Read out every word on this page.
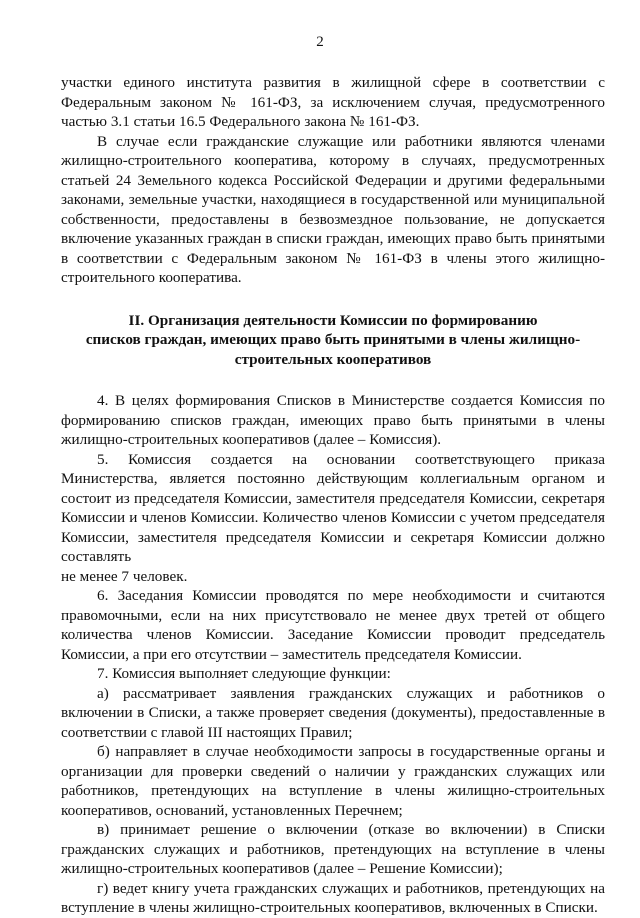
2

участки единого института развития в жилищной сфере в соответствии с Федеральным законом № 161-ФЗ, за исключением случая, предусмотренного частью 3.1 статьи 16.5 Федерального закона № 161-ФЗ.

В случае если гражданские служащие или работники являются членами жилищно-строительного кооператива, которому в случаях, предусмотренных статьей 24 Земельного кодекса Российской Федерации и другими федеральными законами, земельные участки, находящиеся в государственной или муниципальной собственности, предоставлены в безвозмездное пользование, не допускается включение указанных граждан в списки граждан, имеющих право быть принятыми в соответствии с Федеральным законом № 161-ФЗ в члены этого жилищно-строительного кооператива.

II. Организация деятельности Комиссии по формированию
списков граждан, имеющих право быть принятыми в члены жилищно-
строительных кооперативов

4. В целях формирования Списков в Министерстве создается Комиссия по формированию списков граждан, имеющих право быть принятыми в члены жилищно-строительных кооперативов (далее – Комиссия).

5. Комиссия создается на основании соответствующего приказа Министерства, является постоянно действующим коллегиальным органом и состоит из председателя Комиссии, заместителя председателя Комиссии, секретаря Комиссии и членов Комиссии. Количество членов Комиссии с учетом председателя Комиссии, заместителя председателя Комиссии и секретаря Комиссии должно составлять

не менее 7 человек.

6. Заседания Комиссии проводятся по мере необходимости и считаются правомочными, если на них присутствовало не менее двух третей от общего количества членов Комиссии. Заседание Комиссии проводит председатель Комиссии, а при его отсутствии – заместитель председателя Комиссии.

7. Комиссия выполняет следующие функции:

а) рассматривает заявления гражданских служащих и работников о включении в Списки, а также проверяет сведения (документы), предоставленные в соответствии с главой III настоящих Правил;

б) направляет в случае необходимости запросы в государственные органы и организации для проверки сведений о наличии у гражданских служащих или работников, претендующих на вступление в члены жилищно-строительных кооперативов, оснований, установленных Перечнем;

в) принимает решение о включении (отказе во включении) в Списки гражданских служащих и работников, претендующих на вступление в члены жилищно-строительных кооперативов (далее – Решение Комиссии);

г) ведет книгу учета гражданских служащих и работников, претендующих на вступление в члены жилищно-строительных кооперативов, включенных в Списки.
